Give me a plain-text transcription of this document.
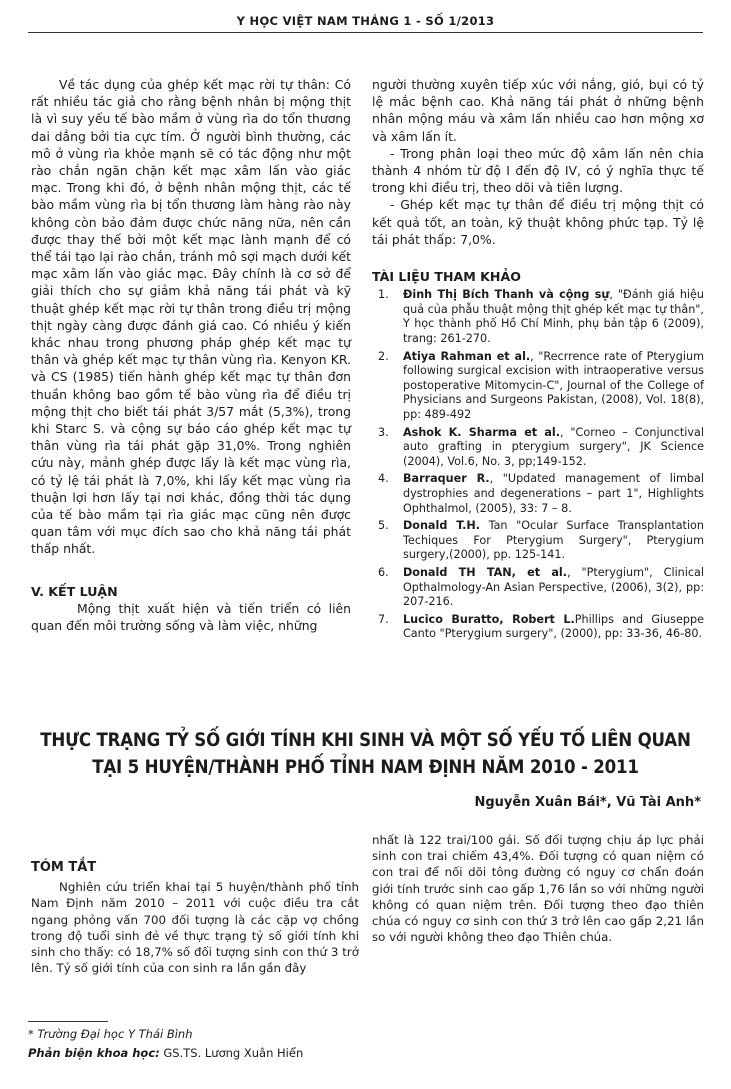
Y HỌC VIỆT NAM THÁNG 1 - SỐ 1/2013

Về tác dụng của ghép kết mạc rời tự thân: Có rất nhiều tác giả cho rằng bệnh nhân bị mộng thịt là vì suy yếu tế bào mầm ở vùng rìa do tổn thương dai dẳng bởi tia cực tím. Ở người bình thường, các mô ở vùng rìa khỏe mạnh sẽ có tác động như một rào chắn ngăn chặn kết mạc xâm lấn vào giác mạc. Trong khi đó, ở bệnh nhân mộng thịt, các tế bào mầm vùng rìa bị tổn thương làm hàng rào này không còn bảo đảm được chức năng nữa, nên cần được thay thế bởi một kết mạc lành mạnh để có thể tái tạo lại rào chắn, tránh mô sợi mạch dưới kết mạc xâm lấn vào giác mạc. Đây chính là cơ sở để giải thích cho sự giảm khả năng tái phát và kỹ thuật ghép kết mạc rời tự thân trong điều trị mộng thịt ngày càng được đánh giá cao. Có nhiều ý kiến khác nhau trong phương pháp ghép kết mạc tự thân và ghép kết mạc tự thân vùng rìa. Kenyon KR. và CS (1985) tiến hành ghép kết mạc tự thân đơn thuần không bao gồm tế bào vùng rìa để điều trị mộng thịt cho biết tái phát 3/57 mắt (5,3%), trong khi Starc S. và cộng sự báo cáo ghép kết mạc tự thân vùng rìa tái phát gặp 31,0%. Trong nghiên cứu này, mảnh ghép được lấy là kết mạc vùng rìa, có tỷ lệ tái phát là 7,0%, khi lấy kết mạc vùng rìa thuận lợi hơn lấy tại nơi khác, đồng thời tác dụng của tế bào mầm tại rìa giác mạc cũng nên được quan tâm với mục đích sao cho khả năng tái phát thấp nhất.

V. KẾT LUẬN

Mộng thịt xuất hiện và tiến triển có liên quan đến môi trường sống và làm việc, những

người thường xuyên tiếp xúc với nắng, gió, bụi có tỷ lệ mắc bệnh cao. Khả năng tái phát ở những bệnh nhân mộng máu và xâm lấn nhiều cao hơn mộng xơ và xâm lấn ít.

- Trong phân loại theo mức độ xâm lấn nên chia thành 4 nhóm từ độ I đến độ IV, có ý nghĩa thực tế trong khi điều trị, theo dõi và tiên lượng.

- Ghép kết mạc tự thân để điều trị mộng thịt có kết quả tốt, an toàn, kỹ thuật không phức tạp. Tỷ lệ tái phát thấp: 7,0%.

TÀI LIỆU THAM KHẢO

1. Đinh Thị Bích Thanh và cộng sự, "Đánh giá hiệu quả của phẫu thuật mộng thịt ghép kết mạc tự thân", Y học thành phố Hồ Chí Minh, phụ bản tập 6 (2009), trang: 261-270.
2. Atiya Rahman et al., "Recrrence rate of Pterygium following surgical excision with intraoperative versus postoperative Mitomycin-C", Journal of the College of Physicians and Surgeons Pakistan, (2008), Vol. 18(8), pp: 489-492
3. Ashok K. Sharma et al., "Corneo – Conjunctival auto grafting in pterygium surgery", JK Science (2004), Vol.6, No. 3, pp;149-152.
4. Barraquer R., "Updated management of limbal dystrophies and degenerations – part 1", Highlights Ophthalmol, (2005), 33: 7 – 8.
5. Donald T.H. Tan "Ocular Surface Transplantation Techiques For Pterygium Surgery", Pterygium surgery,(2000), pp. 125-141.
6. Donald TH TAN, et al., "Pterygium", Clinical Opthalmology-An Asian Perspective, (2006), 3(2), pp: 207-216.
7. Lucico Buratto, Robert L.Phillips and Giuseppe Canto "Pterygium surgery", (2000), pp: 33-36, 46-80.
THỰC TRẠNG TỶ SỐ GIỚI TÍNH KHI SINH VÀ MỘT SỐ YẾU TỐ LIÊN QUAN
TẠI 5 HUYỆN/THÀNH PHỐ TỈNH NAM ĐỊNH NĂM 2010 - 2011
Nguyễn Xuân Bái*, Vũ Tài Anh*

TÓM TẮT

Nghiên cứu triển khai tại 5 huyện/thành phố tỉnh Nam Định năm 2010 – 2011 với cuộc điều tra cắt ngang phỏng vấn 700 đối tượng là các cặp vợ chồng trong độ tuổi sinh đẻ về thực trạng tỷ số giới tính khi sinh cho thấy: có 18,7% số đối tượng sinh con thứ 3 trở lên. Tỷ số giới tính của con sinh ra lần gần đây

nhất là 122 trai/100 gái. Số đối tượng chịu áp lực phải sinh con trai chiếm 43,4%. Đối tượng có quan niệm có con trai để nối dõi tông đường có nguy cơ chẩn đoán giới tính trước sinh cao gấp 1,76 lần so với những người không có quan niệm trên. Đối tượng theo đạo thiên chúa có nguy cơ sinh con thứ 3 trở lên cao gấp 2,21 lần so với người không theo đạo Thiên chúa.

* Trường Đại học Y Thái Bình
Phản biện khoa học: GS.TS. Lương Xuân Hiển
